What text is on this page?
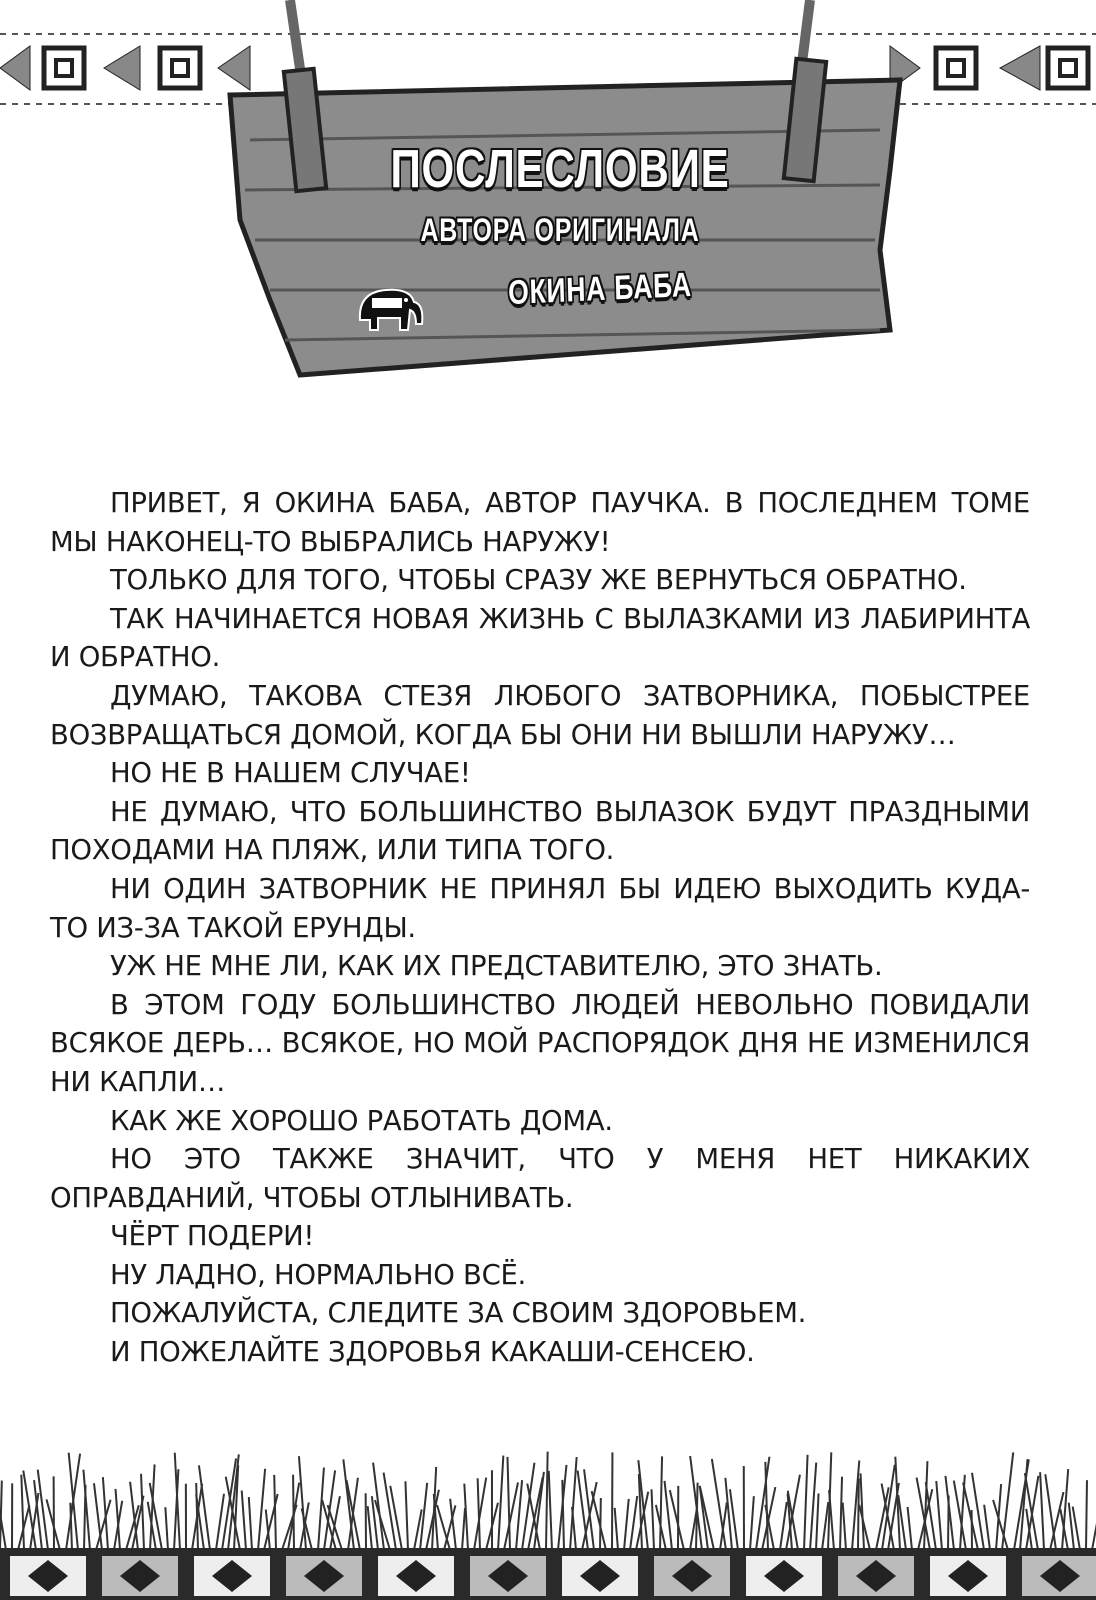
ПОСЛЕСЛОВИЕ
АВТОРА ОРИГИНАЛА
ОКИНА БАБА

ПРИВЕТ, Я ОКИНА БАБА, АВТОР ПАУЧКА. В ПОСЛЕДНЕМ ТОМЕ МЫ НАКОНЕЦ-ТО ВЫБРАЛИСЬ НАРУЖУ!

ТОЛЬКО ДЛЯ ТОГО, ЧТОБЫ СРАЗУ ЖЕ ВЕРНУТЬСЯ ОБРАТНО.

ТАК НАЧИНАЕТСЯ НОВАЯ ЖИЗНЬ С ВЫЛАЗКАМИ ИЗ ЛАБИРИНТА И ОБРАТНО.

ДУМАЮ, ТАКОВА СТЕЗЯ ЛЮБОГО ЗАТВОРНИКА, ПОБЫСТРЕЕ ВОЗВРАЩАТЬСЯ ДОМОЙ, КОГДА БЫ ОНИ НИ ВЫШЛИ НАРУЖУ…

НО НЕ В НАШЕМ СЛУЧАЕ!

НЕ ДУМАЮ, ЧТО БОЛЬШИНСТВО ВЫЛАЗОК БУДУТ ПРАЗДНЫМИ ПОХОДАМИ НА ПЛЯЖ, ИЛИ ТИПА ТОГО.

НИ ОДИН ЗАТВОРНИК НЕ ПРИНЯЛ БЫ ИДЕЮ ВЫХОДИТЬ КУДА-ТО ИЗ-ЗА ТАКОЙ ЕРУНДЫ.

УЖ НЕ МНЕ ЛИ, КАК ИХ ПРЕДСТАВИТЕЛЮ, ЭТО ЗНАТЬ.

В ЭТОМ ГОДУ БОЛЬШИНСТВО ЛЮДЕЙ НЕВОЛЬНО ПОВИДАЛИ ВСЯКОЕ ДЕРЬ… ВСЯКОЕ, НО МОЙ РАСПОРЯДОК ДНЯ НЕ ИЗМЕНИЛСЯ НИ КАПЛИ…

КАК ЖЕ ХОРОШО РАБОТАТЬ ДОМА.

НО ЭТО ТАКЖЕ ЗНАЧИТ, ЧТО У МЕНЯ НЕТ НИКАКИХ ОПРАВДАНИЙ, ЧТОБЫ ОТЛЫНИВАТЬ.

ЧЁРТ ПОДЕРИ!

НУ ЛАДНО, НОРМАЛЬНО ВСЁ.

ПОЖАЛУЙСТА, СЛЕДИТЕ ЗА СВОИМ ЗДОРОВЬЕМ.

И ПОЖЕЛАЙТЕ ЗДОРОВЬЯ КАКАШИ-СЕНСЕЮ.
